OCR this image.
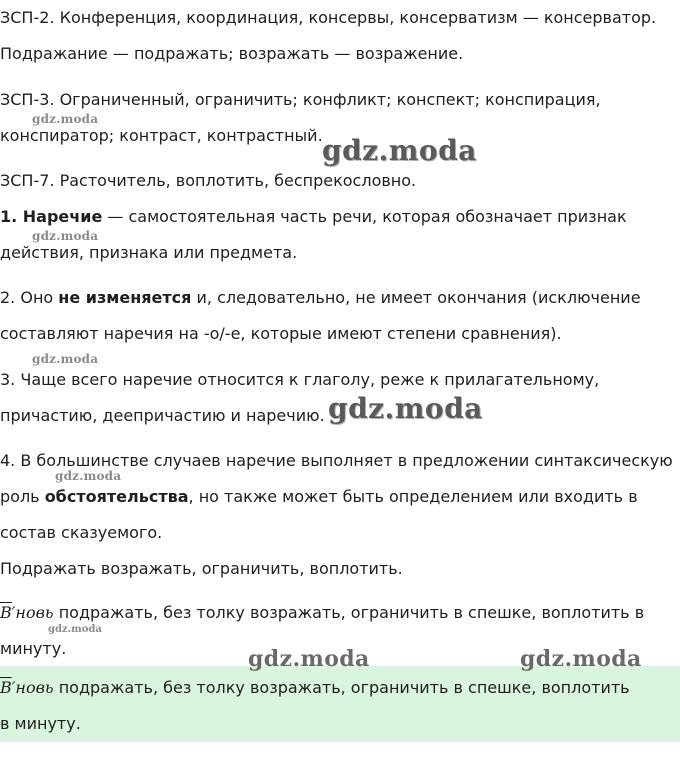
ЗСП-2. Конференция, координация, консервы, консерватизм — консерватор.
Подражание — подражать; возражать — возражение.
ЗСП-3. Ограниченный, ограничить; конфликт; конспект; конспирация,
конспиратор; контраст, контрастный.
ЗСП-7. Расточитель, воплотить, беспрекословно.
1. Наречие — самостоятельная часть речи, которая обозначает признак
действия, признака или предмета.
2. Оно не изменяется и, следовательно, не имеет окончания (исключение
составляют наречия на -о/-е, которые имеют степени сравнения).
3. Чаще всего наречие относится к глаголу, реже к прилагательному,
причастию, деепричастию и наречию.
4. В большинстве случаев наречие выполняет в предложении синтаксическую
роль обстоятельства, но также может быть определением или входить в
состав сказуемого.
Подражать возражать, ограничить, воплотить.
В′новь подражать, без толку возражать, ограничить в спешке, воплотить в
минуту.
В′новь подражать, без толку возражать, ограничить в спешке, воплотить
в минуту.
gdz.moda
gdz.moda
gdz.moda
gdz.moda
gdz.moda
gdz.moda
gdz.moda
gdz.moda	gdz.moda
